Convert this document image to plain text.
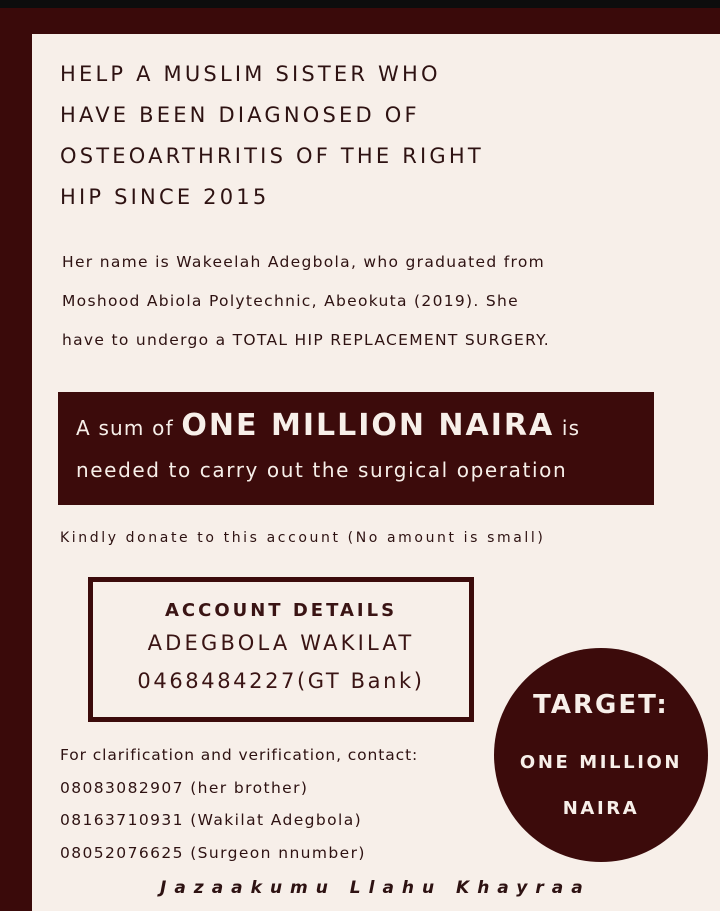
HELP A MUSLIM SISTER WHO
HAVE BEEN DIAGNOSED OF
OSTEOARTHRITIS OF THE RIGHT
HIP SINCE 2015
Her name is Wakeelah Adegbola, who graduated from
Moshood Abiola Polytechnic, Abeokuta (2019). She
have to undergo a TOTAL HIP REPLACEMENT SURGERY.
A sum of ONE MILLION NAIRA is
needed to carry out the surgical operation
Kindly donate to this account (No amount is small)
ACCOUNT DETAILS
ADEGBOLA WAKILAT
0468484227(GT Bank)
For clarification and verification, contact:
08083082907 (her brother)
08163710931 (Wakilat Adegbola)
08052076625 (Surgeon nnumber)
TARGET:
ONE MILLION
NAIRA
Jazaakumu Llahu Khayraa
